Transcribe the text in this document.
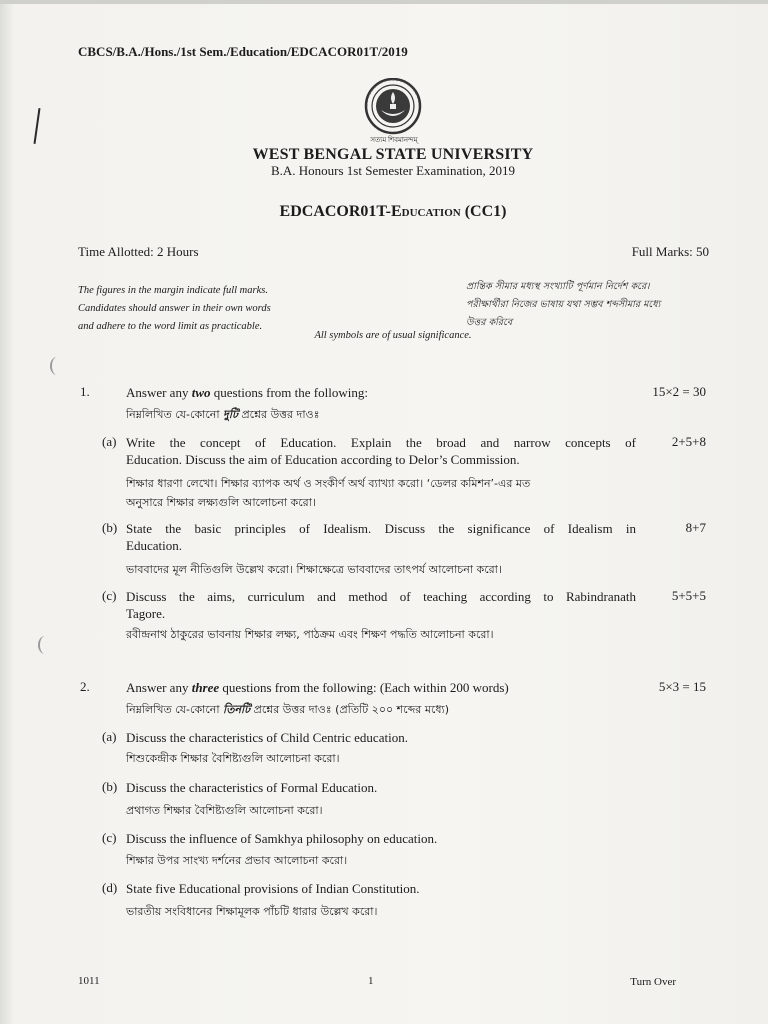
CBCS/B.A./Hons./1st Sem./Education/EDCACOR01T/2019
সত্যম শিবমানন্দম্
WEST BENGAL STATE UNIVERSITY
B.A. Honours 1st Semester Examination, 2019
EDCACOR01T-Education (CC1)
Time Allotted: 2 Hours	Full Marks: 50
The figures in the margin indicate full marks.
Candidates should answer in their own words
and adhere to the word limit as practicable.
প্রান্তিক সীমার মধ্যস্থ সংখ্যাটি পূর্ণমান নির্দেশ করে।
পরীক্ষার্থীরা নিজের ভাষায় যথা সম্ভব শব্দসীমার মধ্যে
উত্তর করিবে
All symbols are of usual significance.
1.	Answer any two questions from the following:	15×2 = 30
নিম্নলিখিত যে-কোনো দুটি প্রশ্নের উত্তর দাওঃ
(a) Write the concept of Education. Explain the broad and narrow concepts of
Education. Discuss the aim of Education according to Delor’s Commission.
2+5+8
শিক্ষার ধারণা লেখো। শিক্ষার ব্যাপক অর্থ ও সংকীর্ণ অর্থ ব্যাখ্যা করো। ‘ডেলর কমিশন’-এর মত
অনুসারে শিক্ষার লক্ষ্যগুলি আলোচনা করো।
(b) State the basic principles of Idealism. Discuss the significance of Idealism in
Education.
8+7
ভাববাদের মূল নীতিগুলি উল্লেখ করো। শিক্ষাক্ষেত্রে ভাববাদের তাৎপর্য আলোচনা করো।
(c) Discuss the aims, curriculum and method of teaching according to Rabindranath
Tagore.
5+5+5
রবীন্দ্রনাথ ঠাকুরের ভাবনায় শিক্ষার লক্ষ্য, পাঠক্রম এবং শিক্ষণ পদ্ধতি আলোচনা করো।
2.	Answer any three questions from the following: (Each within 200 words)	5×3 = 15
নিম্নলিখিত যে-কোনো তিনটি প্রশ্নের উত্তর দাওঃ (প্রতিটি ২০০ শব্দের মধ্যে)
(a) Discuss the characteristics of Child Centric education.
শিশুকেন্দ্রীক শিক্ষার বৈশিষ্ট্যগুলি আলোচনা করো।
(b) Discuss the characteristics of Formal Education.
প্রথাগত শিক্ষার বৈশিষ্ট্যগুলি আলোচনা করো।
(c) Discuss the influence of Samkhya philosophy on education.
শিক্ষার উপর সাংখ্য দর্শনের প্রভাব আলোচনা করো।
(d) State five Educational provisions of Indian Constitution.
ভারতীয় সংবিধানের শিক্ষামূলক পাঁচটি ধারার উল্লেখ করো।
1011	1	Turn Over
